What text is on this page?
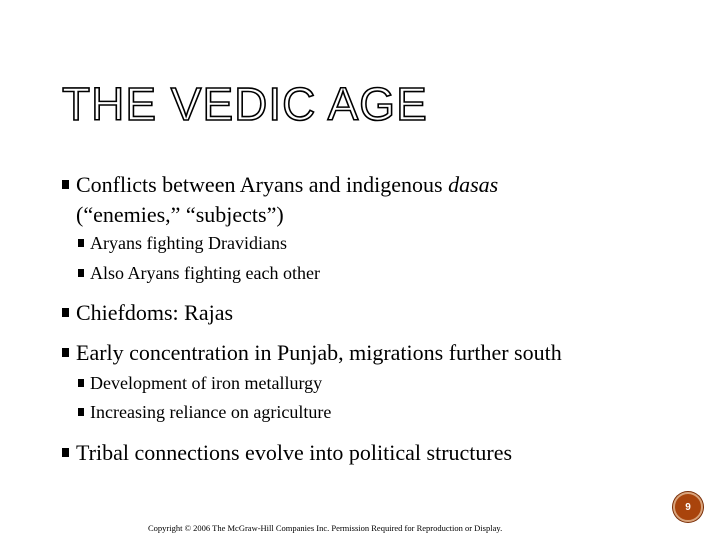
THE VEDIC AGE
Conflicts between Aryans and indigenous dasas
(“enemies,” “subjects”)
Aryans fighting Dravidians
Also Aryans fighting each other
Chiefdoms: Rajas
Early concentration in Punjab, migrations further south
Development of iron metallurgy
Increasing reliance on agriculture
Tribal connections evolve into political structures
9
Copyright © 2006 The McGraw-Hill Companies Inc. Permission Required for Reproduction or Display.
